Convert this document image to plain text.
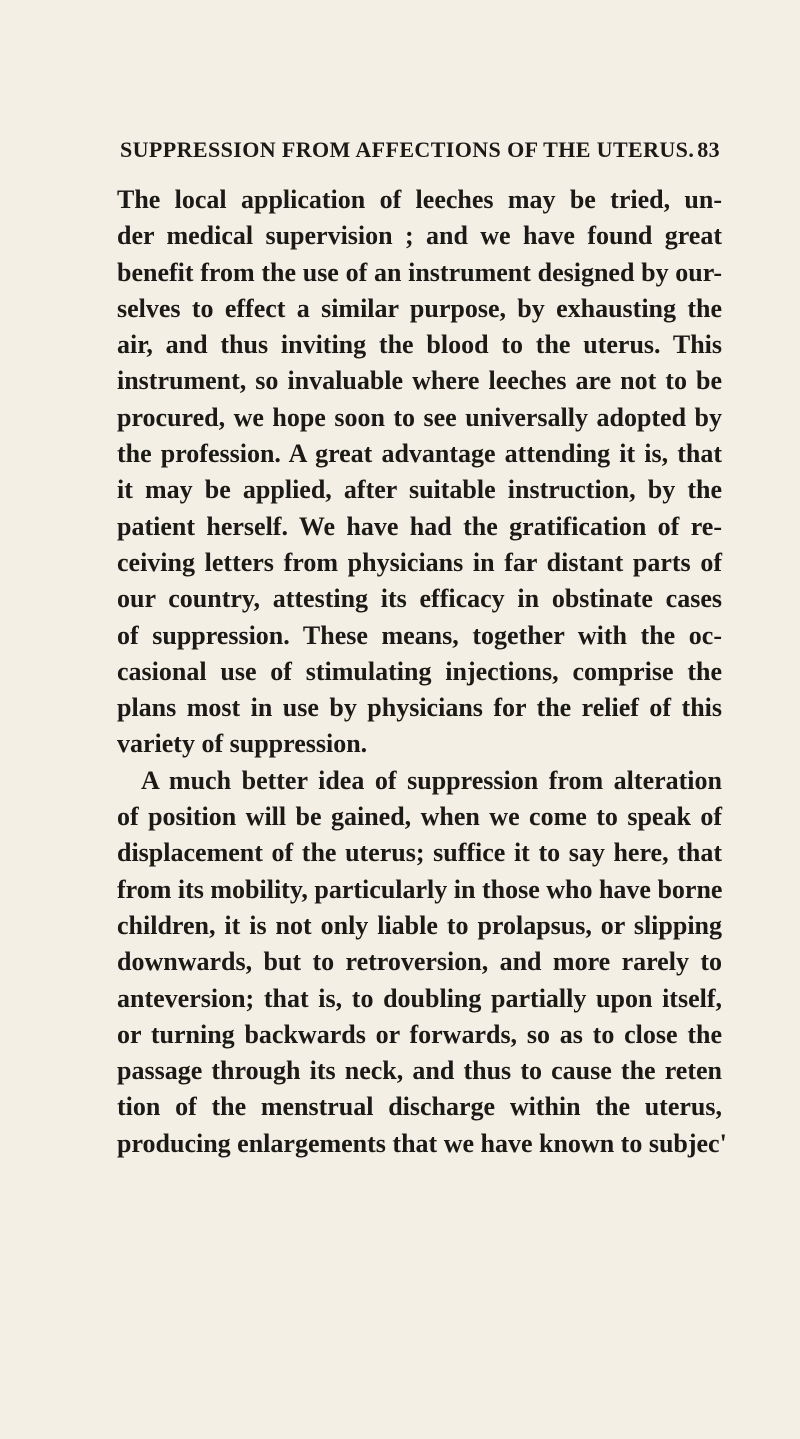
SUPPRESSION FROM AFFECTIONS OF THE UTERUS. 83
The local application of leeches may be tried, un-
der medical supervision ; and we have found great
benefit from the use of an instrument designed by our-
selves to effect a similar purpose, by exhausting the
air, and thus inviting the blood to the uterus. This
instrument, so invaluable where leeches are not to be
procured, we hope soon to see universally adopted by
the profession. A great advantage attending it is, that
it may be applied, after suitable instruction, by the
patient herself. We have had the gratification of re-
ceiving letters from physicians in far distant parts of
our country, attesting its efficacy in obstinate cases
of suppression. These means, together with the oc-
casional use of stimulating injections, comprise the
plans most in use by physicians for the relief of this
variety of suppression.
A much better idea of suppression from alteration
of position will be gained, when we come to speak of
displacement of the uterus; suffice it to say here, that
from its mobility, particularly in those who have borne
children, it is not only liable to prolapsus, or slipping
downwards, but to retroversion, and more rarely to
anteversion; that is, to doubling partially upon itself,
or turning backwards or forwards, so as to close the
passage through its neck, and thus to cause the reten
tion of the menstrual discharge within the uterus,
producing enlargements that we have known to subjec'
